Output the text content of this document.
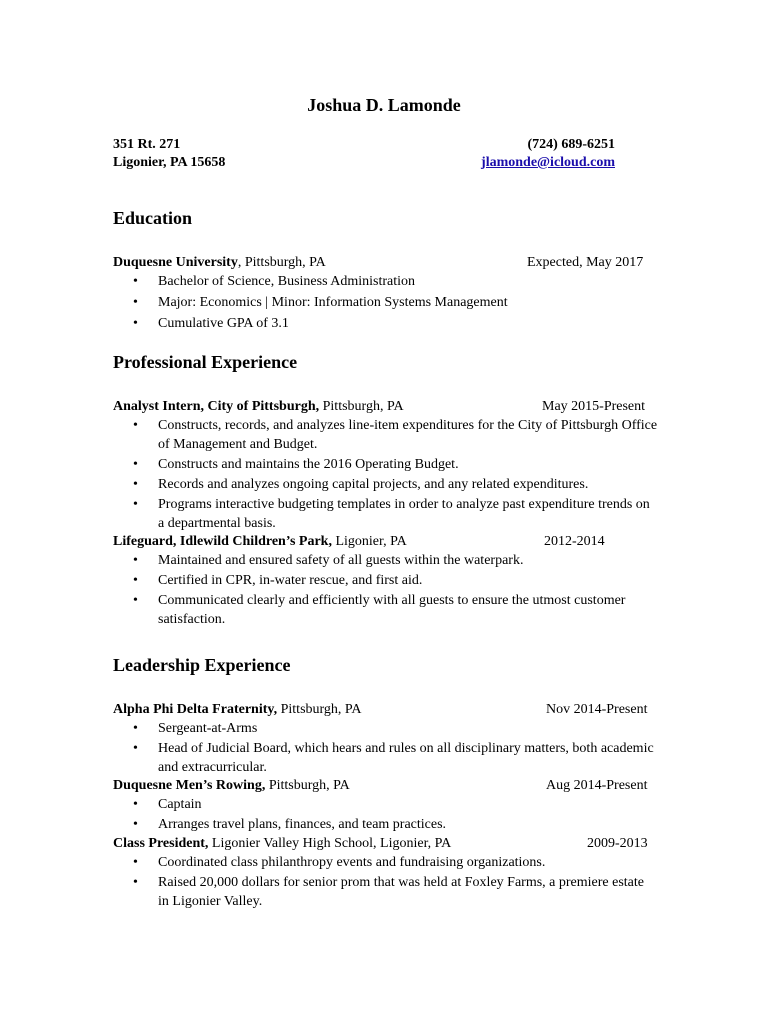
Joshua D. Lamonde
351 Rt. 271	(724) 689-6251
Ligonier, PA 15658	jlamonde@icloud.com
Education
Duquesne University, Pittsburgh, PA	Expected, May 2017
• Bachelor of Science, Business Administration
• Major: Economics | Minor: Information Systems Management
• Cumulative GPA of 3.1
Professional Experience
Analyst Intern, City of Pittsburgh, Pittsburgh, PA	May 2015-Present
• Constructs, records, and analyzes line-item expenditures for the City of Pittsburgh Office of Management and Budget.
• Constructs and maintains the 2016 Operating Budget.
• Records and analyzes ongoing capital projects, and any related expenditures.
• Programs interactive budgeting templates in order to analyze past expenditure trends on a departmental basis.
Lifeguard, Idlewild Children’s Park, Ligonier, PA	2012-2014
• Maintained and ensured safety of all guests within the waterpark.
• Certified in CPR, in-water rescue, and first aid.
• Communicated clearly and efficiently with all guests to ensure the utmost customer satisfaction.
Leadership Experience
Alpha Phi Delta Fraternity, Pittsburgh, PA	Nov 2014-Present
• Sergeant-at-Arms
• Head of Judicial Board, which hears and rules on all disciplinary matters, both academic and extracurricular.
Duquesne Men’s Rowing, Pittsburgh, PA	Aug 2014-Present
• Captain
• Arranges travel plans, finances, and team practices.
Class President, Ligonier Valley High School, Ligonier, PA	2009-2013
• Coordinated class philanthropy events and fundraising organizations.
• Raised 20,000 dollars for senior prom that was held at Foxley Farms, a premiere estate in Ligonier Valley.
